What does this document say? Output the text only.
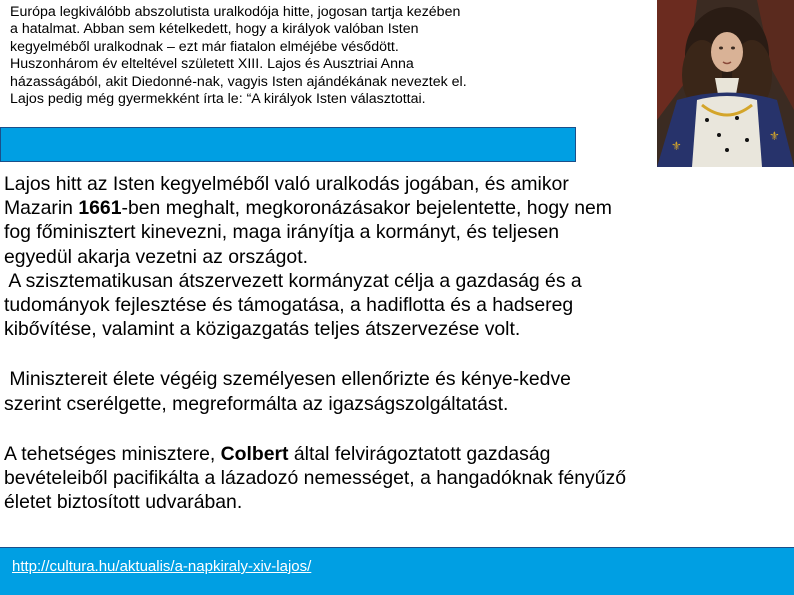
Európa legkiválóbb abszolutista uralkodója hitte, jogosan tartja kezében

a hatalmat. Abban sem kételkedett, hogy a királyok valóban Isten

kegyelméből uralkodnak – ezt már fiatalon elméjébe vésődött.

Huszonhárom év elteltével született XIII. Lajos és Ausztriai Anna

házasságából, akit Diedonné-nak, vagyis Isten ajándékának neveztek el.

Lajos pedig még gyermekként írta le: “A királyok Isten választottai.

⚜
⚜

Lajos hitt az Isten kegyelméből való uralkodás jogában, és amikor

Mazarin 1661-ben meghalt, megkoronázásakor bejelentette, hogy nem

fog főminisztert kinevezni, maga irányítja a kormányt, és teljesen

egyedül akarja vezetni az országot.

A szisztematikusan átszervezett kormányzat célja a gazdaság és a

tudományok fejlesztése és támogatása, a hadiflotta és a hadsereg

kibővítése, valamint a közigazgatás teljes átszervezése volt.

Minisztereit élete végéig személyesen ellenőrizte és kénye-kedve

szerint cserélgette, megreformálta az igazságszolgáltatást.

A tehetséges minisztere, Colbert által felvirágoztatott gazdaság

bevételeiből pacifikálta a lázadozó nemességet, a hangadóknak fényűző

életet biztosított udvarában.

http://cultura.hu/aktualis/a-napkiraly-xiv-lajos/
